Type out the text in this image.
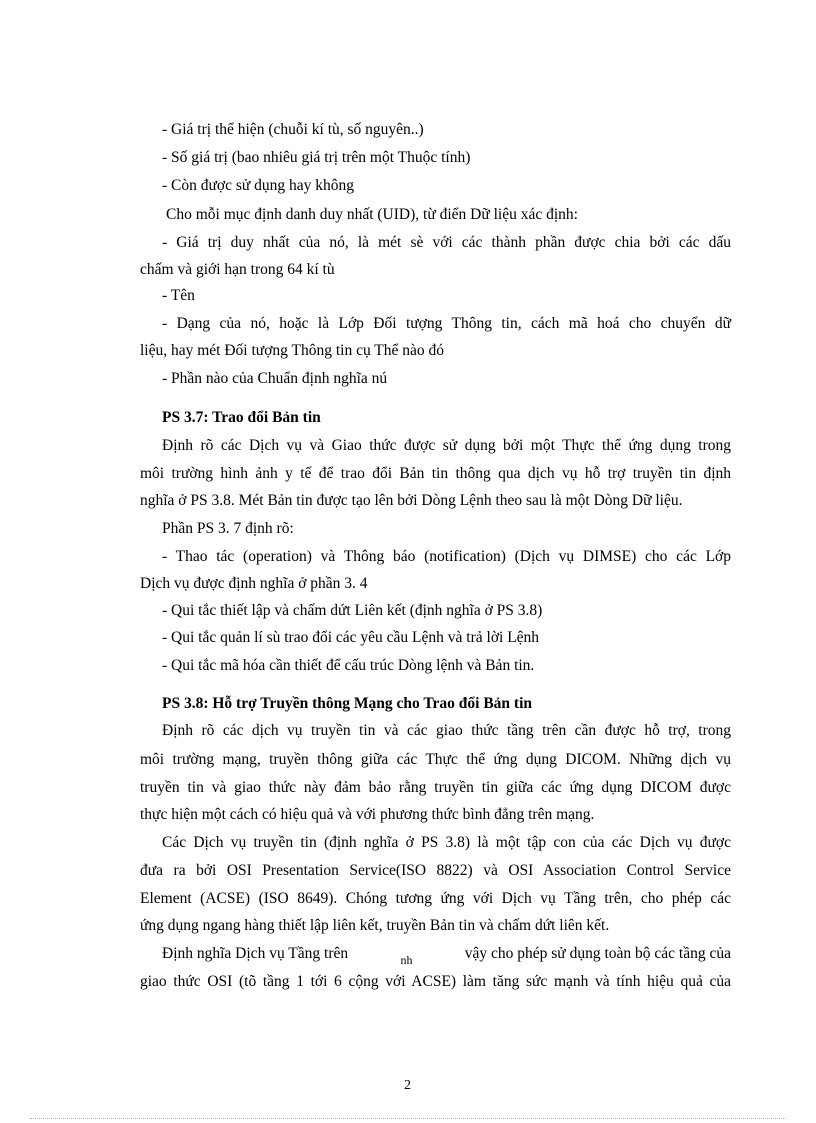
- Giá trị thể hiện (chuỗi kí tù, số nguyên..)
- Số giá trị (bao nhiêu giá trị trên một Thuộc tính)
- Còn được sử dụng hay không
Cho mỗi mục định danh duy nhất (UID), từ điển Dữ liệu xác định:
- Giá trị duy nhất của nó, là mét sè với các thành phần được chia bởi các dấu
chấm và giới hạn trong 64 kí tù
- Tên
- Dạng của nó, hoặc là Lớp Đối tượng Thông tin, cách mã hoá cho chuyển dữ
liệu, hay mét Đối tượng Thông tin cụ Thể nào đó
- Phần nào của Chuẩn định nghĩa nú
PS 3.7: Trao đổi Bản tin
Định rõ các Dịch vụ và Giao thức được sử dụng bởi một Thực thể ứng dụng trong
môi trường hình ảnh y tế để trao đổi Bản tin thông qua dịch vụ hỗ trợ truyền tin định
nghĩa ở PS 3.8. Mét Bản tin được tạo lên bởi Dòng Lệnh theo sau là một Dòng Dữ liệu.
Phần PS 3. 7 định rõ:
- Thao tác (operation) và Thông báo (notification) (Dịch vụ DIMSE) cho các Lớp
Dịch vụ được định nghĩa ở phần 3. 4
- Qui tắc thiết lập và chấm dứt Liên kết (định nghĩa ở PS 3.8)
- Qui tắc quản lí sù trao đổi các yêu cầu Lệnh và trả lời Lệnh
- Qui tắc mã hóa cần thiết để cấu trúc Dòng lệnh và Bản tin.
PS 3.8: Hỗ trợ Truyền thông Mạng cho Trao đổi Bản tin
Định rõ các dịch vụ truyền tin và các giao thức tầng trên cần được hỗ trợ, trong
môi trường mạng, truyền thông giữa các Thực thể ứng dụng DICOM. Những dịch vụ
truyền tin và giao thức này đảm bảo rằng truyền tin giữa các ứng dụng DICOM được
thực hiện một cách có hiệu quả và với phương thức bình đẳng trên mạng.
Các Dịch vụ truyền tin (định nghĩa ở PS 3.8) là một tập con của các Dịch vụ được
đưa ra bởi OSI Presentation Service(ISO 8822) và OSI Association Control Service
Element (ACSE) (ISO 8649). Chóng tương ứng với Dịch vụ Tầng trên, cho phép các
ứng dụng ngang hàng thiết lập liên kết, truyền Bản tin và chấm dứt liên kết.
Định nghĩa Dịch vụ Tầng trên	nh	vậy cho phép sử dụng toàn bộ các tầng của
giao thức OSI (tõ tầng 1 tới 6 cộng với ACSE) làm tăng sức mạnh và tính hiệu quả của
2
